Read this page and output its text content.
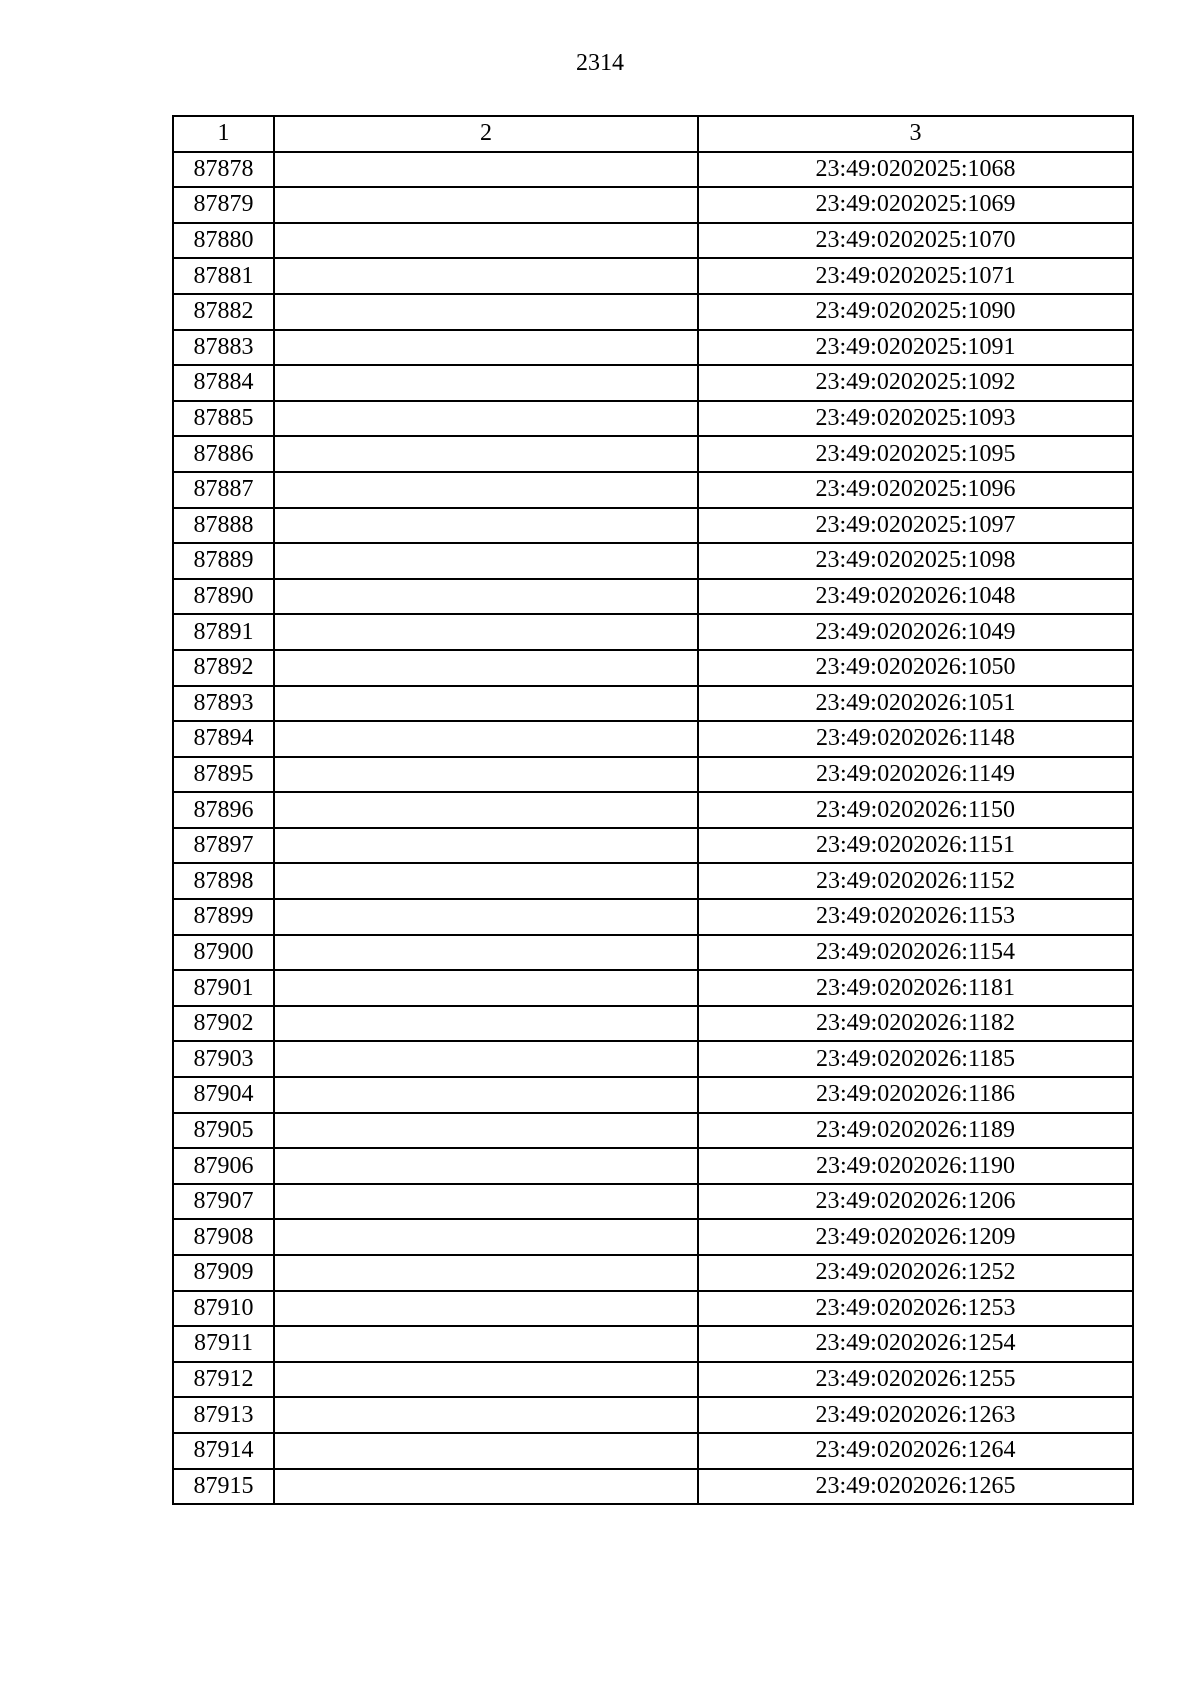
2314
1	2	3
87878		23:49:0202025:1068
87879		23:49:0202025:1069
87880		23:49:0202025:1070
87881		23:49:0202025:1071
87882		23:49:0202025:1090
87883		23:49:0202025:1091
87884		23:49:0202025:1092
87885		23:49:0202025:1093
87886		23:49:0202025:1095
87887		23:49:0202025:1096
87888		23:49:0202025:1097
87889		23:49:0202025:1098
87890		23:49:0202026:1048
87891		23:49:0202026:1049
87892		23:49:0202026:1050
87893		23:49:0202026:1051
87894		23:49:0202026:1148
87895		23:49:0202026:1149
87896		23:49:0202026:1150
87897		23:49:0202026:1151
87898		23:49:0202026:1152
87899		23:49:0202026:1153
87900		23:49:0202026:1154
87901		23:49:0202026:1181
87902		23:49:0202026:1182
87903		23:49:0202026:1185
87904		23:49:0202026:1186
87905		23:49:0202026:1189
87906		23:49:0202026:1190
87907		23:49:0202026:1206
87908		23:49:0202026:1209
87909		23:49:0202026:1252
87910		23:49:0202026:1253
87911		23:49:0202026:1254
87912		23:49:0202026:1255
87913		23:49:0202026:1263
87914		23:49:0202026:1264
87915		23:49:0202026:1265
